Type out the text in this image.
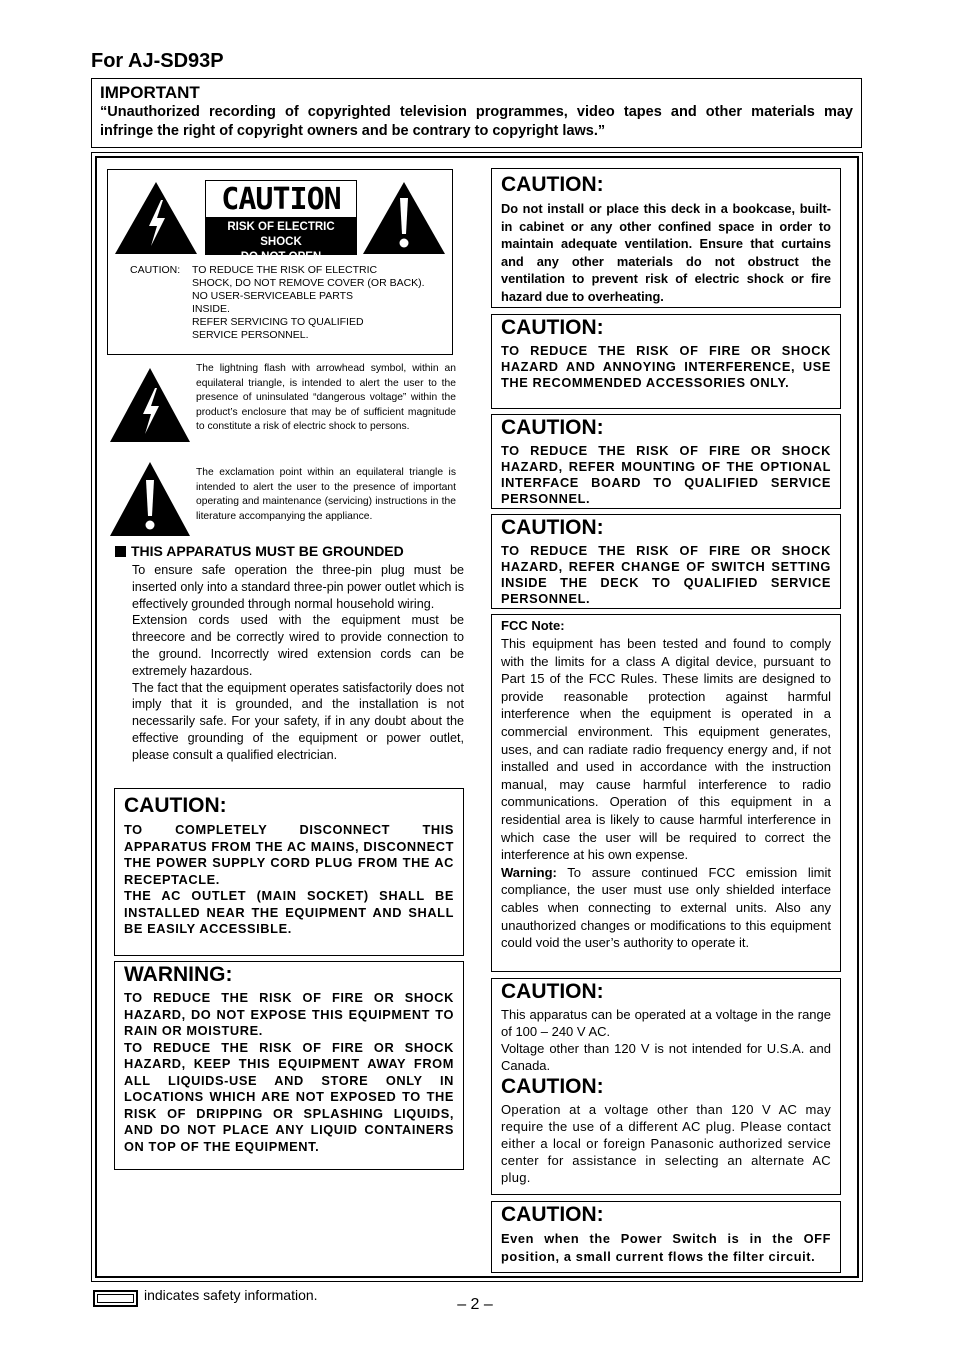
For AJ-SD93P
IMPORTANT
“Unauthorized recording of copyrighted television programmes, video tapes and other materials may infringe the right of copyright owners and be contrary to copyright laws.”
CAUTION
RISK OF ELECTRIC SHOCK
DO NOT OPEN
CAUTION: TO REDUCE THE RISK OF ELECTRIC
SHOCK, DO NOT REMOVE COVER (OR BACK).
NO USER-SERVICEABLE PARTS
INSIDE.
REFER SERVICING TO QUALIFIED
SERVICE PERSONNEL.
The lightning flash with arrowhead symbol, within an equilateral triangle, is intended to alert the user to the presence of uninsulated “dangerous voltage” within the product’s enclosure that may be of sufficient magnitude to constitute a risk of electric shock to persons.
The exclamation point within an equilateral triangle is intended to alert the user to the presence of important operating and maintenance (servicing) instructions in the literature accompanying the appliance.
THIS APPARATUS MUST BE GROUNDED
To ensure safe operation the three-pin plug must be inserted only into a standard three-pin power outlet which is effectively grounded through normal household wiring.
Extension cords used with the equipment must be threecore and be correctly wired to provide connection to the ground. Incorrectly wired extension cords can be extremely hazardous.
The fact that the equipment operates satisfactorily does not imply that it is grounded, and the installation is not necessarily safe. For your safety, if in any doubt about the effective grounding of the equipment or power outlet, please consult a qualified electrician.
CAUTION:
TO COMPLETELY DISCONNECT THIS APPARATUS FROM THE AC MAINS, DISCONNECT THE POWER SUPPLY CORD PLUG FROM THE AC RECEPTACLE.
THE AC OUTLET (MAIN SOCKET) SHALL BE INSTALLED NEAR THE EQUIPMENT AND SHALL BE EASILY ACCESSIBLE.
WARNING:
TO REDUCE THE RISK OF FIRE OR SHOCK HAZARD, DO NOT EXPOSE THIS EQUIPMENT TO RAIN OR MOISTURE.
TO REDUCE THE RISK OF FIRE OR SHOCK HAZARD, KEEP THIS EQUIPMENT AWAY FROM ALL LIQUIDS-USE AND STORE ONLY IN LOCATIONS WHICH ARE NOT EXPOSED TO THE RISK OF DRIPPING OR SPLASHING LIQUIDS, AND DO NOT PLACE ANY LIQUID CONTAINERS ON TOP OF THE EQUIPMENT.
CAUTION:
Do not install or place this deck in a bookcase, built-in cabinet or any other confined space in order to maintain adequate ventilation. Ensure that curtains and any other materials do not obstruct the ventilation to prevent risk of electric shock or fire hazard due to overheating.
CAUTION:
TO REDUCE THE RISK OF FIRE OR SHOCK HAZARD AND ANNOYING INTERFERENCE, USE THE RECOMMENDED ACCESSORIES ONLY.
CAUTION:
TO REDUCE THE RISK OF FIRE OR SHOCK HAZARD, REFER MOUNTING OF THE OPTIONAL INTERFACE BOARD TO QUALIFIED SERVICE PERSONNEL.
CAUTION:
TO REDUCE THE RISK OF FIRE OR SHOCK HAZARD, REFER CHANGE OF SWITCH SETTING INSIDE THE DECK TO QUALIFIED SERVICE PERSONNEL.
FCC Note:
This equipment has been tested and found to comply with the limits for a class A digital device, pursuant to Part 15 of the FCC Rules. These limits are designed to provide reasonable protection against harmful interference when the equipment is operated in a commercial environment. This equipment generates, uses, and can radiate radio frequency energy and, if not installed and used in accordance with the instruction manual, may cause harmful interference to radio communications. Operation of this equipment in a residential area is likely to cause harmful interference in which case the user will be required to correct the interference at his own expense.
Warning: To assure continued FCC emission limit compliance, the user must use only shielded interface cables when connecting to external units. Also any unauthorized changes or modifications to this equipment could void the user’s authority to operate it.
CAUTION:
This apparatus can be operated at a voltage in the range of 100 – 240 V AC.
Voltage other than 120 V is not intended for U.S.A. and Canada.
CAUTION:
Operation at a voltage other than 120 V AC may require the use of a different AC plug. Please contact either a local or foreign Panasonic authorized service center for assistance in selecting an alternate AC plug.
CAUTION:
Even when the Power Switch is in the OFF position, a small current flows the filter circuit.
indicates safety information.
– 2 –
